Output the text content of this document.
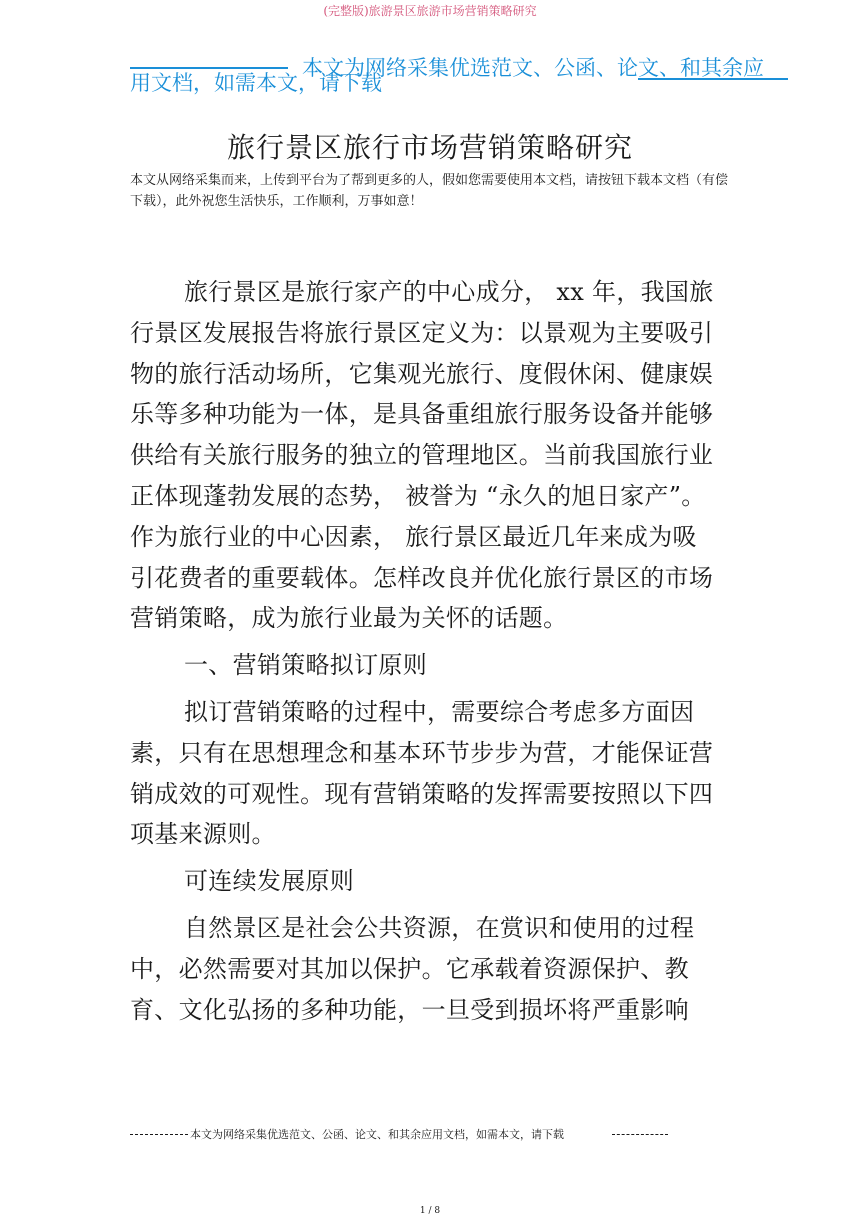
(完整版)旅游景区旅游市场营销策略研究
本文为网络采集优选范文、公函、论文、和其余应
用文档，如需本文，请下载
旅行景区旅行市场营销策略研究
本文从网络采集而来，上传到平台为了帮到更多的人，假如您需要使用本文档，请按钮下载本文档（有偿下载），此外祝您生活快乐，工作顺利，万事如意！

旅行景区是旅行家产的中心成分， xx 年，我国旅行景区发展报告将旅行景区定义为：以景观为主要吸引物的旅行活动场所，它集观光旅行、度假休闲、健康娱乐等多种功能为一体，是具备重组旅行服务设备并能够供给有关旅行服务的独立的管理地区。当前我国旅行业正体现蓬勃发展的态势， 被誉为 “永久的旭日家产”。作为旅行业的中心因素， 旅行景区最近几年来成为吸引花费者的重要载体。怎样改良并优化旅行景区的市场营销策略，成为旅行业最为关怀的话题。

一、营销策略拟订原则

拟订营销策略的过程中，需要综合考虑多方面因素，只有在思想理念和基本环节步步为营，才能保证营销成效的可观性。现有营销策略的发挥需要按照以下四项基来源则。

可连续发展原则

自然景区是社会公共资源，在赏识和使用的过程中，必然需要对其加以保护。它承载着资源保护、教育、文化弘扬的多种功能，一旦受到损坏将严重影响

本文为网络采集优选范文、公函、论文、和其余应用文档，如需本文，请下载
1 / 8
